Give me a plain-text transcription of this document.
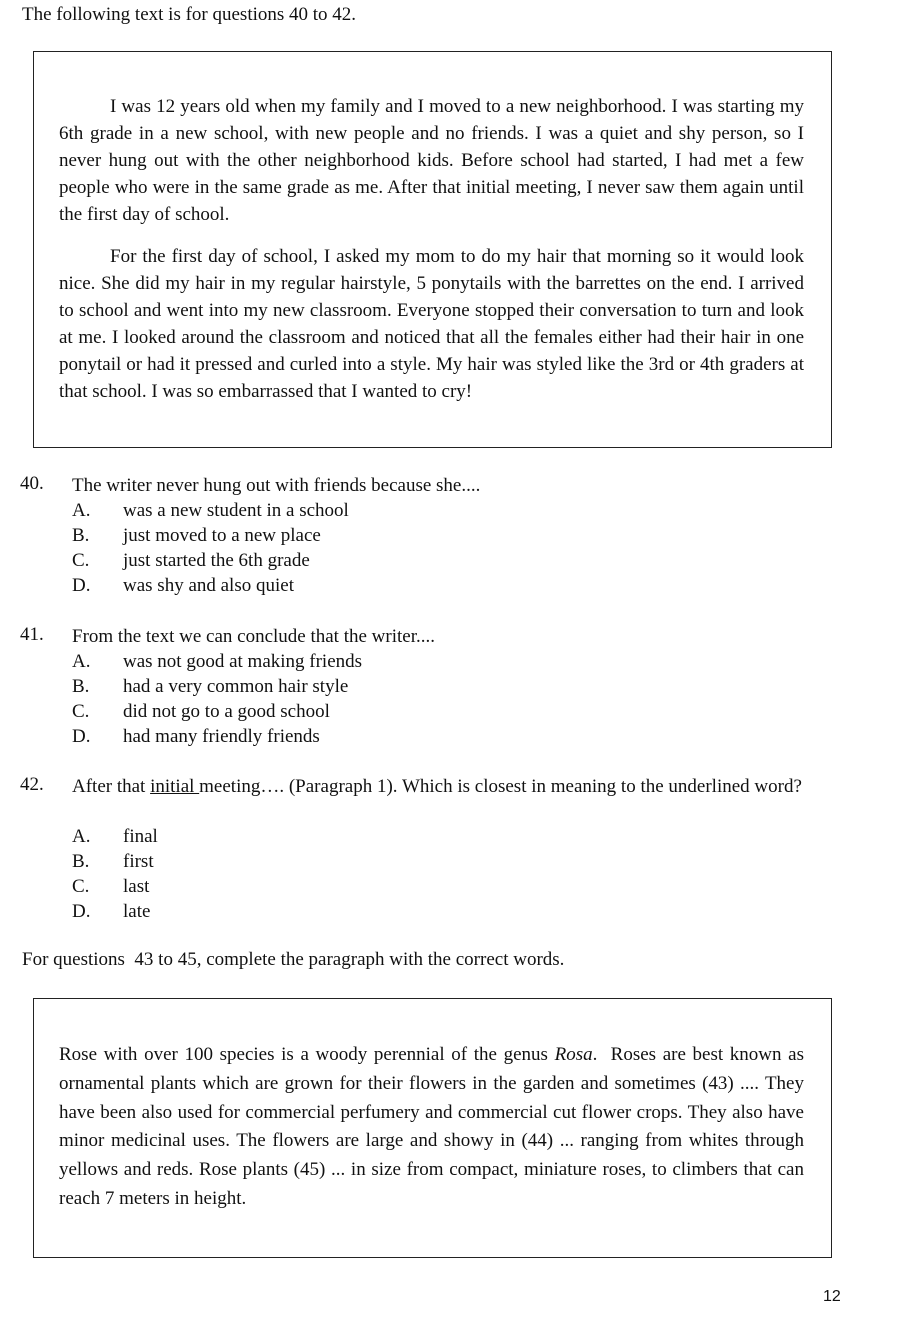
The following text is for questions 40 to 42.

I was 12 years old when my family and I moved to a new neighborhood. I was starting my 6th grade in a new school, with new people and no friends. I was a quiet and shy person, so I never hung out with the other neighborhood kids. Before school had started, I had met a few people who were in the same grade as me. After that initial meeting, I never saw them again until the first day of school.

For the first day of school, I asked my mom to do my hair that morning so it would look nice. She did my hair in my regular hairstyle, 5 ponytails with the barrettes on the end. I arrived to school and went into my new classroom. Everyone stopped their conversation to turn and look at me. I looked around the classroom and noticed that all the females either had their hair in one ponytail or had it pressed and curled into a style. My hair was styled like the 3rd or 4th graders at that school. I was so embarrassed that I wanted to cry!

40. The writer never hung out with friends because she....
A. was a new student in a school
B. just moved to a new place
C. just started the 6th grade
D. was shy and also quiet
41. From the text we can conclude that the writer....
A. was not good at making friends
B. had a very common hair style
C. did not go to a good school
D. had many friendly friends
42. After that initial meeting…. (Paragraph 1). Which is closest in meaning to the underlined word?
A. final
B. first
C. last
D. late
For questions  43 to 45, complete the paragraph with the correct words.

Rose with over 100 species is a woody perennial of the genus Rosa.  Roses are best known as ornamental plants which are grown for their flowers in the garden and sometimes (43) .... They have been also used for commercial perfumery and commercial cut flower crops. They also have minor medicinal uses. The flowers are large and showy in (44) ... ranging from whites through yellows and reds. Rose plants (45) ... in size from compact, miniature roses, to climbers that can reach 7 meters in height.

12
